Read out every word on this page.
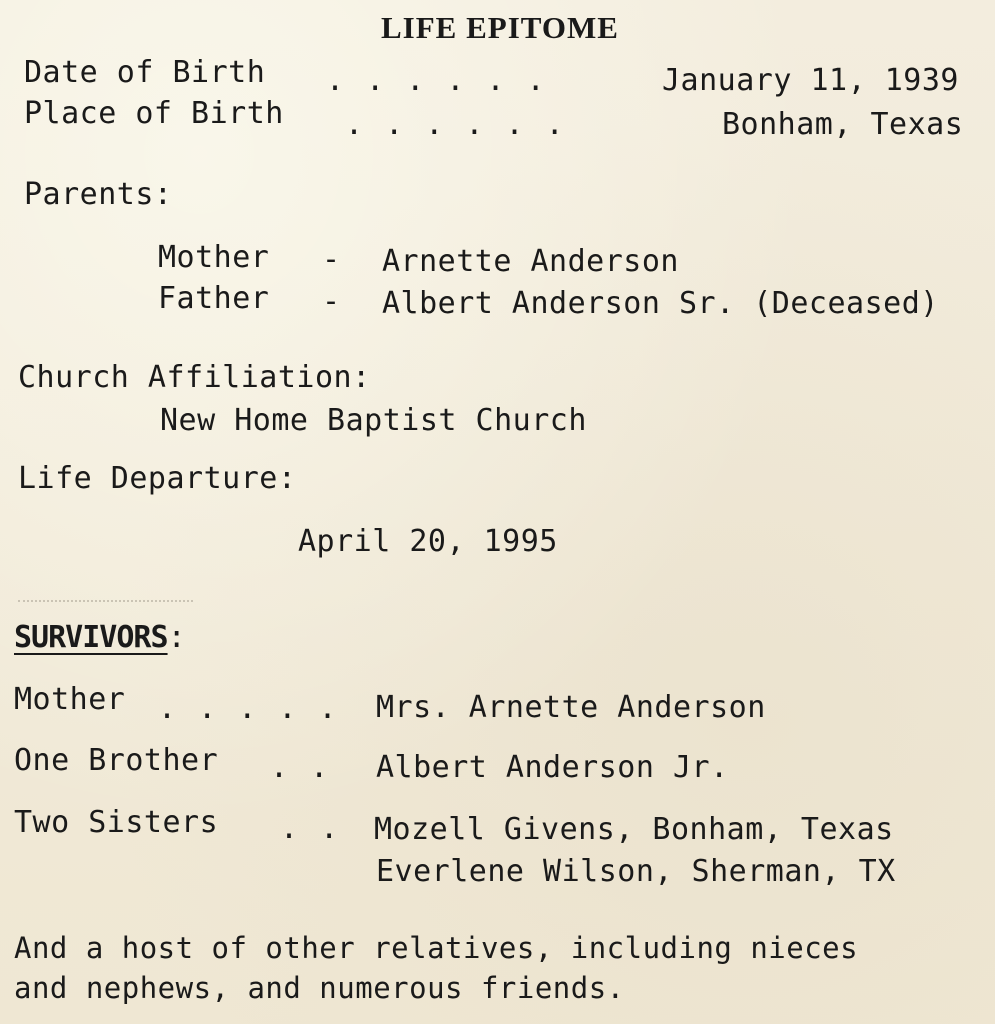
LIFE EPITOME
Date of Birth . . . . . .	January 11, 1939
Place of Birth . . . . . .	Bonham, Texas
Parents:
Mother - Arnette Anderson
Father - Albert Anderson Sr. (Deceased)
Church Affiliation:
New Home Baptist Church
Life Departure:
April 20, 1995
SURVIVORS:
Mother . . . . . Mrs. Arnette Anderson
One Brother . . Albert Anderson Jr.
Two Sisters . . Mozell Givens, Bonham, Texas
Everlene Wilson, Sherman, TX
And a host of other relatives, including nieces
and nephews, and numerous friends.
